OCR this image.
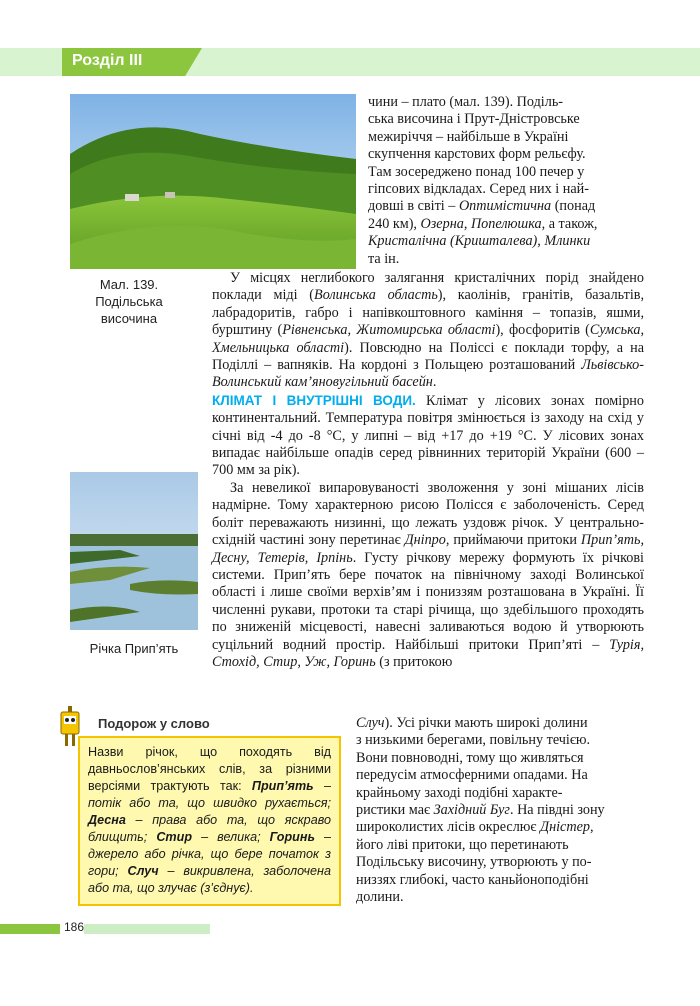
Розділ ІІІ
Мал. 139.
Подільська
височина
Річка Прип’ять

чини – плато (мал. 139). Поділь-

ська височина і Прут-Дністровське

межиріччя – найбільше в Україні

скупчення карстових форм рельєфу.

Там зосереджено понад 100 печер у

гіпсових відкладах. Серед них і най-

довші в світі – Оптимістична (понад

240 км), Озерна, Попелюшка, а також,

Кристалічна (Кришталева), Млинки

та ін.

У місцях неглибокого залягання кристалічних порід знайдено поклади міді (Волинська область), каолінів, гранітів, базальтів, лабрадоритів, габро і напівкоштовного каміння – топазів, яшми, бурштину (Рівненська, Житомирська області), фосфоритів (Сумська, Хмельницька області). Повсюдно на Поліссі є поклади торфу, а на Поділлі – вапняків. На кордоні з Польщею розташований Львівсько-Волинський кам’яновугільний басейн.

КЛІМАТ І ВНУТРІШНІ ВОДИ. Клімат у лісових зонах помірно континентальний. Температура повітря змінюється із заходу на схід у січні від -4 до -8 °С, у липні – від +17 до +19 °С. У лісових зонах випадає найбільше опадів серед рівнинних територій України (600 – 700 мм за рік).

За невеликої випаровуваності зволоження у зоні мішаних лісів надмірне. Тому характерною рисою Полісся є заболоченість. Серед боліт переважають низинні, що лежать уздовж річок. У центрально-східній частині зону перетинає Дніпро, приймаючи притоки Прип’ять, Десну, Тетерів, Ірпінь. Густу річкову мережу формують їх річкові системи. Прип’ять бере початок на північному заході Волинської області і лише своїми верхів’ям і пониззям розташована в Україні. Її численні рукави, протоки та старі річища, що здебільшого проходять по зниженій місцевості, навесні заливаються водою й утворюють суцільний водний простір. Найбільші притоки Прип’яті – Турія, Стохід, Стир, Уж, Горинь (з притокою

Случ). Усі річки мають широкі долини

з низькими берегами, повільну течією.

Вони повноводні, тому що живляться

передусім атмосферними опадами. На

крайньому заході подібні характе-

ристики має Західний Буг. На півдні зону

широколистих лісів окреслює Дністер,

його ліві притоки, що перетинають

Подільську височину, утворюють у по-

низзях глибокі, часто каньйоноподібні

долини.

Подорож у слово
Назви річок, що походять від давньослов’янських слів, за різними версіями трактують так: Прип’ять – потік або та, що швидко рухається; Десна – права або та, що яскраво блищить; Стир – велика; Горинь – джерело або річка, що бере початок з гори; Случ – викривлена, заболочена або та, що злучає (з’єднує).
186
